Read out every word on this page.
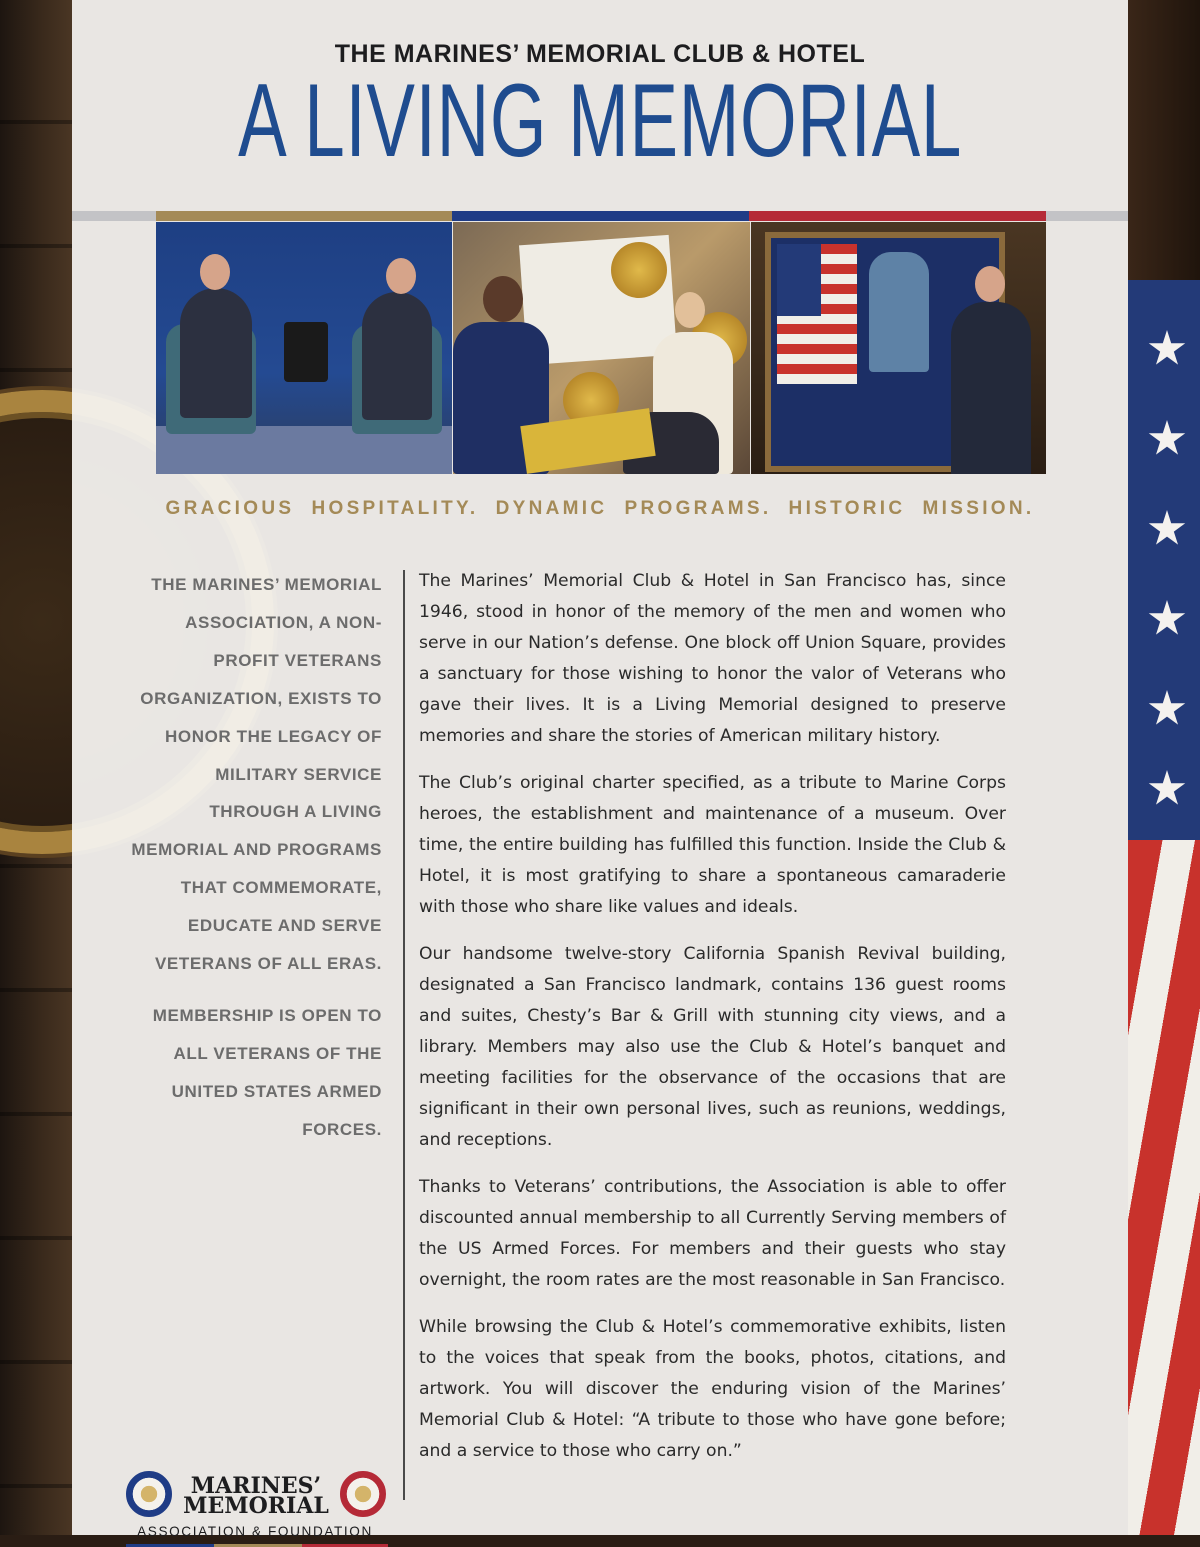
THE MARINES’ MEMORIAL CLUB & HOTEL
A LIVING MEMORIAL
GRACIOUS  HOSPITALITY.  DYNAMIC  PROGRAMS.  HISTORIC  MISSION.

THE MARINES’ MEMORIAL ASSOCIATION, A NON-PROFIT VETERANS ORGANIZATION, EXISTS TO HONOR THE LEGACY OF MILITARY SERVICE THROUGH A LIVING MEMORIAL AND PROGRAMS THAT COMMEMORATE, EDUCATE AND SERVE VETERANS OF ALL ERAS.

MEMBERSHIP IS OPEN TO ALL VETERANS OF THE UNITED STATES ARMED FORCES.

The Marines’ Memorial Club & Hotel in San Francisco has, since 1946, stood in honor of the memory of the men and women who serve in our Nation’s defense. One block off Union Square, provides a sanctuary for those wishing to honor the valor of Veterans who gave their lives. It is a Living Memorial designed to preserve memories and share the stories of American military history.

The Club’s original charter specified, as a tribute to Marine Corps heroes, the establishment and maintenance of a museum. Over time, the entire building has fulfilled this function. Inside the Club & Hotel, it is most gratifying to share a spontaneous camaraderie with those who share like values and ideals.

Our handsome twelve-story California Spanish Revival building, designated a San Francisco landmark, contains 136 guest rooms and suites, Chesty’s Bar & Grill with stunning city views, and a library. Members may also use the Club & Hotel’s banquet and meeting facilities for the observance of the occasions that are significant in their own personal lives, such as reunions, weddings, and receptions.

Thanks to Veterans’ contributions, the Association is able to offer discounted annual membership to all Currently Serving members of the US Armed Forces. For members and their guests who stay overnight, the room rates are the most reasonable in San Francisco.

While browsing the Club & Hotel’s commemorative exhibits, listen to the voices that speak from the books, photos, citations, and artwork. You will discover the enduring vision of the Marines’ Memorial Club & Hotel: “A tribute to those who have gone before; and a service to those who carry on.”

MARINES’
MEMORIAL
ASSOCIATION & FOUNDATION
